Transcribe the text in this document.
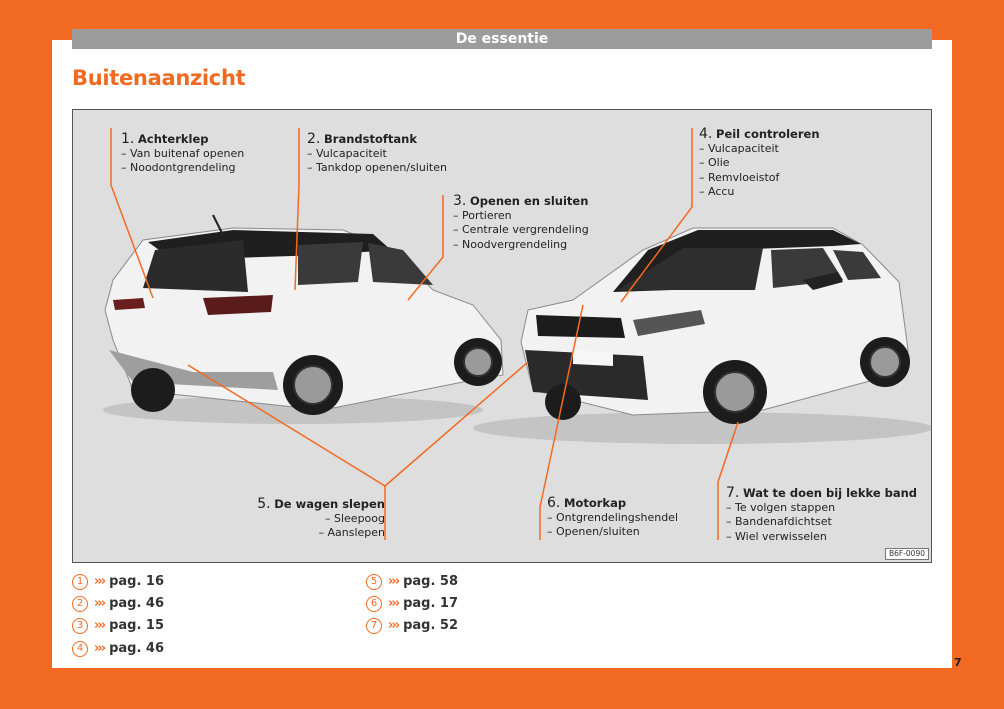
De essentie
Buitenaanzicht
1. Achterklep
– Van buitenaf openen
– Noodontgrendeling
2. Brandstoftank
– Vulcapaciteit
– Tankdop openen/sluiten
3. Openen en sluiten
– Portieren
– Centrale vergrendeling
– Noodvergrendeling
4. Peil controleren
– Vulcapaciteit
– Olie
– Remvloeistof
– Accu
5. De wagen slepen
– Sleepoog
– Aanslepen
6. Motorkap
– Ontgrendelingshendel
– Openen/sluiten
7. Wat te doen bij lekke band
– Te volgen stappen
– Bandenafdichtset
– Wiel verwisselen
B6F-0090
1 ››› pag. 16
2 ››› pag. 46
3 ››› pag. 15
4 ››› pag. 46
5 ››› pag. 58
6 ››› pag. 17
7 ››› pag. 52
7
